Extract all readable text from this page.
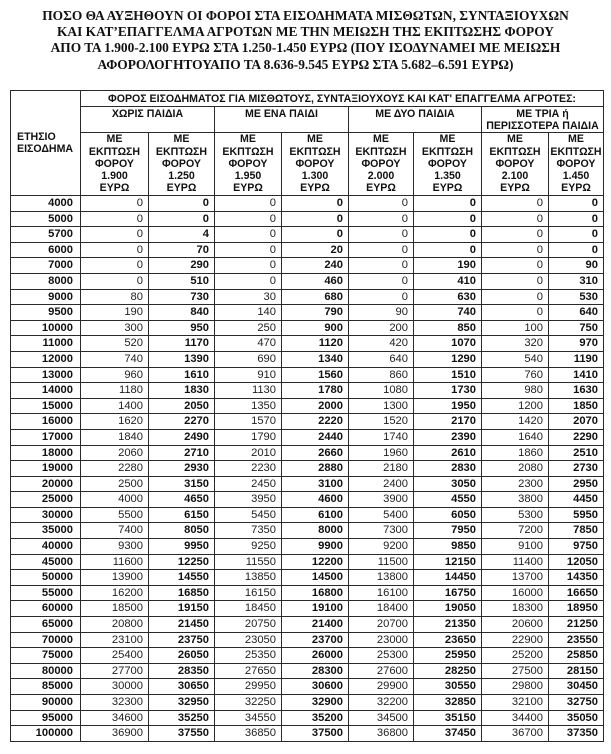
ΠΟΣΟ ΘΑ ΑΥΞΗΘΟΥΝ ΟΙ ΦΟΡΟΙ ΣΤΑ ΕΙΣΟΔΗΜΑΤΑ ΜΙΣΘΩΤΩΝ, ΣΥΝΤΑΞΙΟΥΧΩΝ
ΚΑΙ ΚΑΤ’ΕΠΑΓΓΕΛΜΑ ΑΓΡΟΤΩΝ ΜΕ ΤΗΝ ΜΕΙΩΣΗ ΤΗΣ ΕΚΠΤΩΣΗΣ ΦΟΡΟΥ
ΑΠΟ ΤΑ 1.900-2.100 ΕΥΡΩ ΣΤΑ 1.250-1.450 ΕΥΡΩ (ΠΟΥ ΙΣΟΔΥΝΑΜΕΙ ΜΕ ΜΕΙΩΣΗ
ΑΦΟΡΟΛΟΓΗΤΟΥΑΠΟ ΤΑ 8.636-9.545 ΕΥΡΩ ΣΤΑ 5.682–6.591 ΕΥΡΩ)
ΕΤΗΣΙΟ
ΕΙΣΟΔΗΜΑ	ΦΟΡΟΣ ΕΙΣΟΔΗΜΑΤΟΣ ΓΙΑ ΜΙΣΘΩΤΟΥΣ, ΣΥΝΤΑΞΙΟΥΧΟΥΣ ΚΑΙ ΚΑΤ' ΕΠΑΓΓΕΛΜΑ ΑΓΡΟΤΕΣ:							

	ΧΩΡΙΣ ΠΑΙΔΙΑ		ΜΕ ΕΝΑ ΠΑΙΔΙ		ΜΕ ΔΥΟ ΠΑΙΔΙΑ		ΜΕ ΤΡΙΑ ή
ΠΕΡΙΣΣΟΤΕΡΑ ΠΑΙΔΙΑ	

ΜΕ
ΕΚΠΤΩΣΗ
ΦΟΡΟΥ
1.900
ΕΥΡΩ

ΜΕ
ΕΚΠΤΩΣΗ
ΦΟΡΟΥ
1.250
ΕΥΡΩ

ΜΕ
ΕΚΠΤΩΣΗ
ΦΟΡΟΥ
1.950
ΕΥΡΩ

ΜΕ
ΕΚΠΤΩΣΗ
ΦΟΡΟΥ
1.300
ΕΥΡΩ

ΜΕ
ΕΚΠΤΩΣΗ
ΦΟΡΟΥ
2.000
ΕΥΡΩ

ΜΕ
ΕΚΠΤΩΣΗ
ΦΟΡΟΥ
1.350
ΕΥΡΩ

ΜΕ
ΕΚΠΤΩΣΗ
ΦΟΡΟΥ
2.100
ΕΥΡΩ

ΜΕ
ΕΚΠΤΩΣΗ
ΦΟΡΟΥ
1.450
ΕΥΡΩ

4000	0	0	0	0	0	0	0	0
5000	0	0	0	0	0	0	0	0
5700	0	4	0	0	0	0	0	0
6000	0	70	0	20	0	0	0	0
7000	0	290	0	240	0	190	0	90
8000	0	510	0	460	0	410	0	310
9000	80	730	30	680	0	630	0	530
9500	190	840	140	790	90	740	0	640
10000	300	950	250	900	200	850	100	750
11000	520	1170	470	1120	420	1070	320	970
12000	740	1390	690	1340	640	1290	540	1190
13000	960	1610	910	1560	860	1510	760	1410
14000	1180	1830	1130	1780	1080	1730	980	1630
15000	1400	2050	1350	2000	1300	1950	1200	1850
16000	1620	2270	1570	2220	1520	2170	1420	2070
17000	1840	2490	1790	2440	1740	2390	1640	2290
18000	2060	2710	2010	2660	1960	2610	1860	2510
19000	2280	2930	2230	2880	2180	2830	2080	2730
20000	2500	3150	2450	3100	2400	3050	2300	2950
25000	4000	4650	3950	4600	3900	4550	3800	4450
30000	5500	6150	5450	6100	5400	6050	5300	5950
35000	7400	8050	7350	8000	7300	7950	7200	7850
40000	9300	9950	9250	9900	9200	9850	9100	9750
45000	11600	12250	11550	12200	11500	12150	11400	12050
50000	13900	14550	13850	14500	13800	14450	13700	14350
55000	16200	16850	16150	16800	16100	16750	16000	16650
60000	18500	19150	18450	19100	18400	19050	18300	18950
65000	20800	21450	20750	21400	20700	21350	20600	21250
70000	23100	23750	23050	23700	23000	23650	22900	23550
75000	25400	26050	25350	26000	25300	25950	25200	25850
80000	27700	28350	27650	28300	27600	28250	27500	28150
85000	30000	30650	29950	30600	29900	30550	29800	30450
90000	32300	32950	32250	32900	32200	32850	32100	32750
95000	34600	35250	34550	35200	34500	35150	34400	35050
100000	36900	37550	36850	37500	36800	37450	36700	37350
